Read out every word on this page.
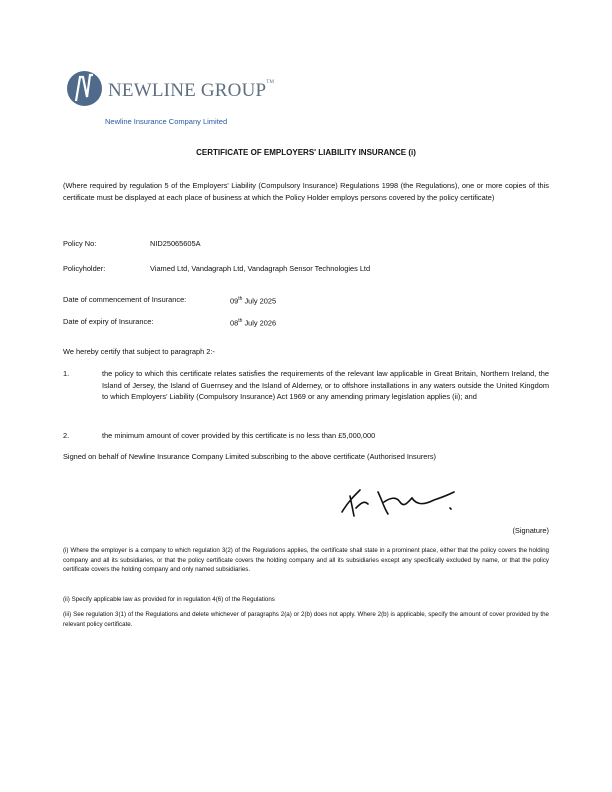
NEWLINE GROUP™
Newline Insurance Company Limited
CERTIFICATE OF EMPLOYERS' LIABILITY INSURANCE (i)
(Where required by regulation 5 of the Employers' Liability (Compulsory Insurance) Regulations 1998 (the Regulations), one or more copies of this certificate must be displayed at each place of business at which the Policy Holder employs persons covered by the policy certificate)
Policy No:	NID25065605A
Policyholder:	Viamed Ltd, Vandagraph Ltd, Vandagraph Sensor Technologies Ltd
Date of commencement of Insurance:	09th July 2025
Date of expiry of Insurance:	08th July 2026
We hereby certify that subject to paragraph 2:-
1.	the policy to which this certificate relates satisfies the requirements of the relevant law applicable in Great Britain, Northern Ireland, the Island of Jersey, the Island of Guernsey and the Island of Alderney, or to offshore installations in any waters outside the United Kingdom to which Employers' Liability (Compulsory Insurance) Act 1969 or any amending primary legislation applies (ii); and
2.	the minimum amount of cover provided by this certificate is no less than £5,000,000
Signed on behalf of Newline Insurance Company Limited subscribing to the above certificate (Authorised Insurers)
(Signature)
(i) Where the employer is a company to which regulation 3(2) of the Regulations applies, the certificate shall state in a prominent place, either that the policy covers the holding company and all its subsidiaries, or that the policy certificate covers the holding company and all its subsidiaries except any specifically excluded by name, or that the policy certificate covers the holding company and only named subsidiaries.
(ii) Specify applicable law as provided for in regulation 4(6) of the Regulations
(iii) See regulation 3(1) of the Regulations and delete whichever of paragraphs 2(a) or 2(b) does not apply. Where 2(b) is applicable, specify the amount of cover provided by the relevant policy certificate.
